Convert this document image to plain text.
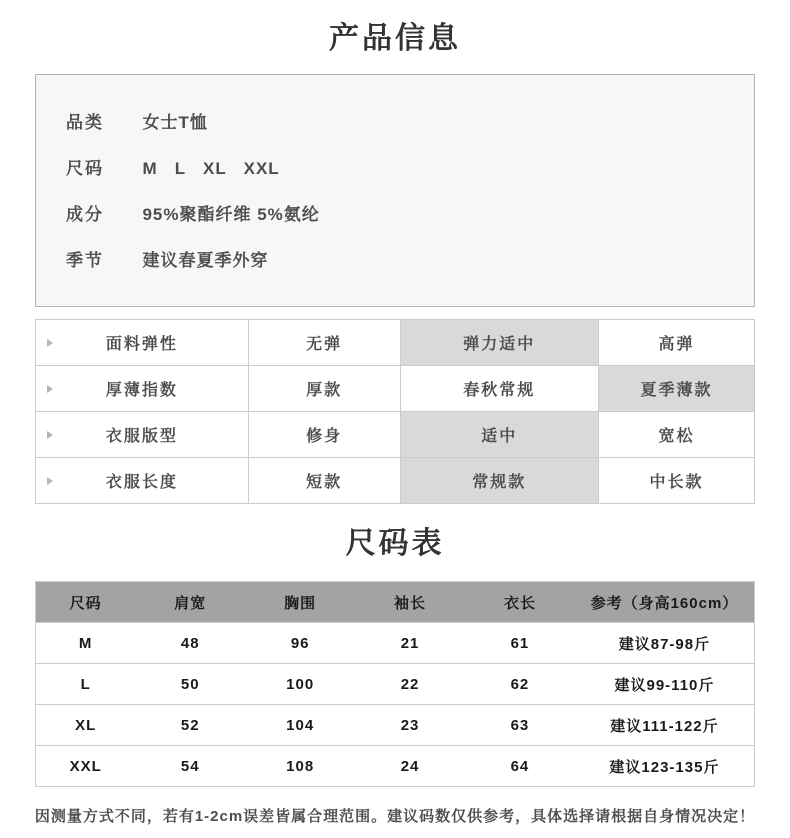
产品信息
品类 女士T恤
尺码 M   L   XL   XXL
成分 95%聚酯纤维 5%氨纶
季节 建议春夏季外穿
面料弹性	无弹	弹力适中	高弹

厚薄指数	厚款	春秋常规	夏季薄款

衣服版型	修身	适中	宽松

衣服长度	短款	常规款	中长款
尺码表
尺码	肩宽	胸围	袖长	衣长	参考（身高160cm）
M	48	96	21	61	建议87-98斤
L	50	100	22	62	建议99-110斤
XL	52	104	23	63	建议111-122斤
XXL	54	108	24	64	建议123-135斤

因测量方式不同，若有1-2cm误差皆属合理范围。建议码数仅供参考，具体选择请根据自身情况决定！
